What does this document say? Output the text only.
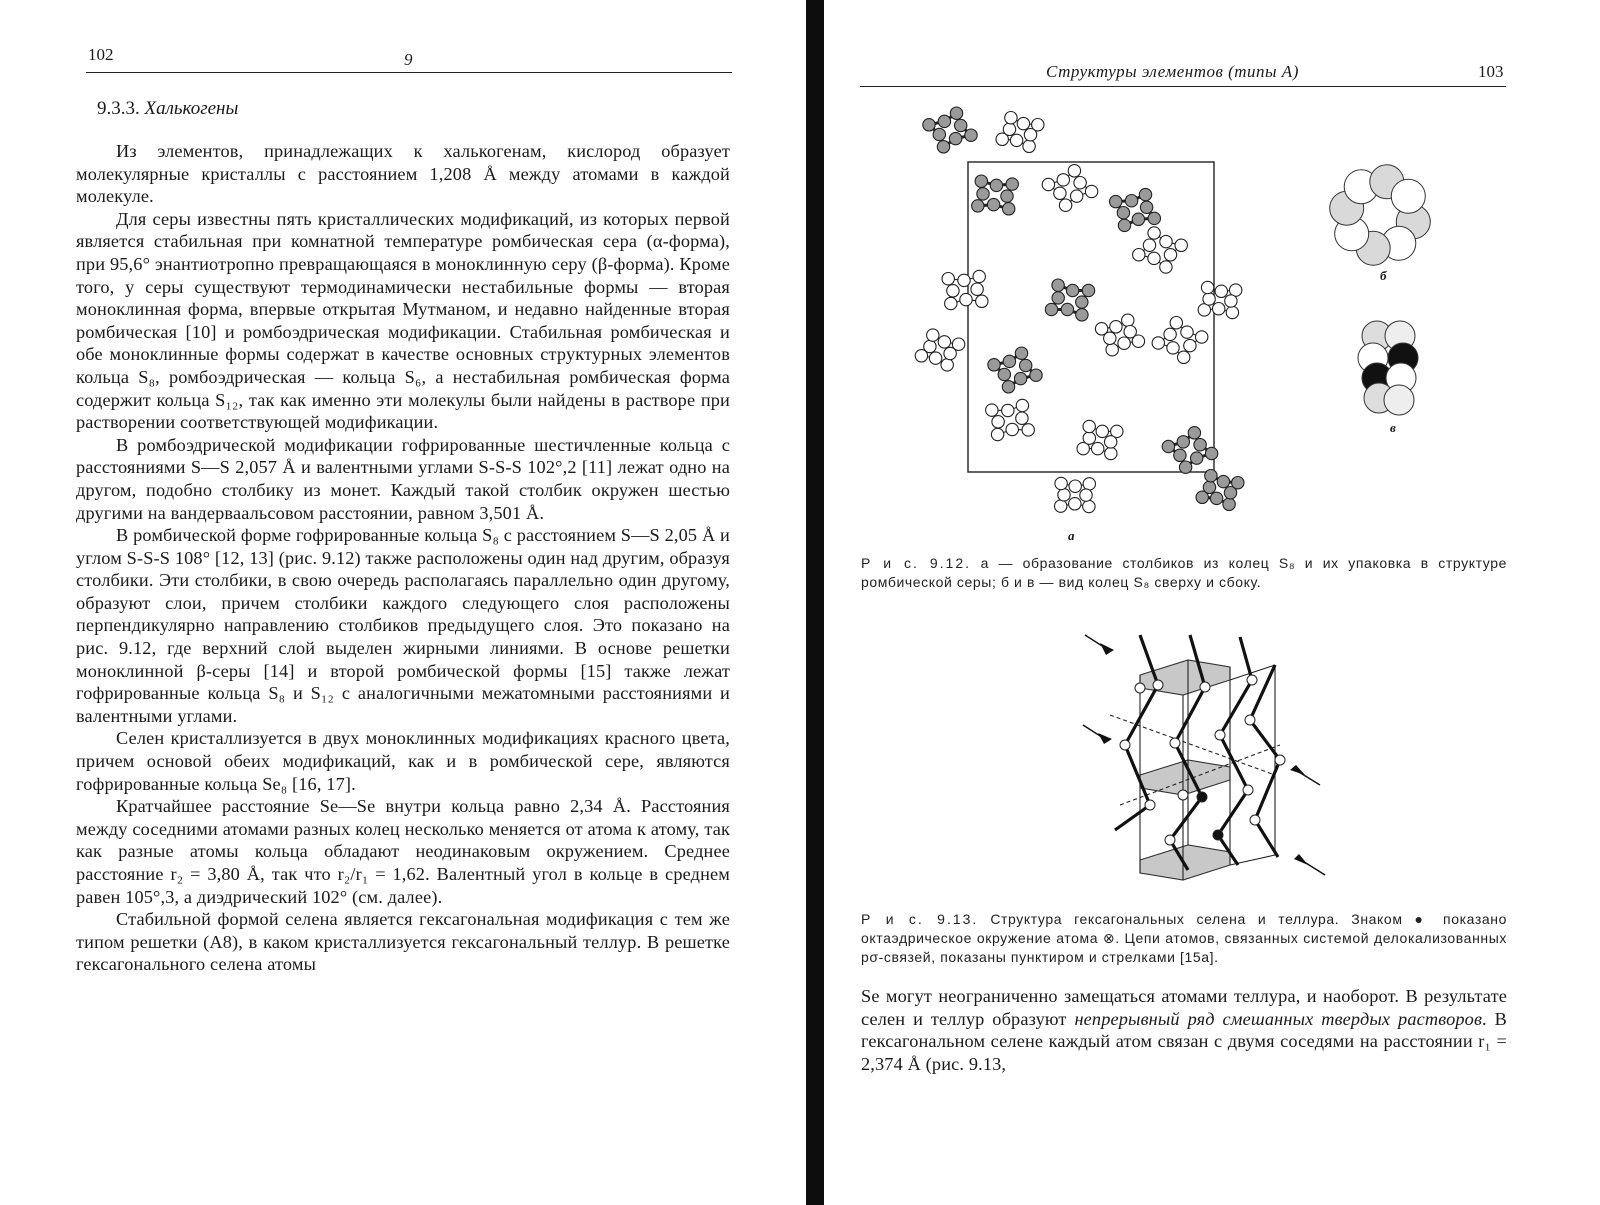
102	9
9.3.3. Халькогены

Из элементов, принадлежащих к халькогенам, кислород образует молекулярные кристаллы с расстоянием 1,208 Å между атомами в каждой молекуле.

Для серы известны пять кристаллических модификаций, из которых первой является стабильная при комнатной температуре ромбическая сера (α-форма), при 95,6° энантиотропно превращающаяся в моноклинную серу (β-форма). Кроме того, у серы существуют термодинамически нестабильные формы — вторая моноклинная форма, впервые открытая Мутманом, и недавно найденные вторая ромбическая [10] и ромбоэдрическая модификации. Стабильная ромбическая и обе моноклинные формы содержат в качестве основных структурных элементов кольца S₈, ромбоэдрическая — кольца S₆, а нестабильная ромбическая форма содержит кольца S₁₂, так как именно эти молекулы были найдены в растворе при растворении соответствующей модификации.

В ромбоэдрической модификации гофрированные шестичленные кольца с расстояниями S—S 2,057 Å и валентными углами S-S-S 102°,2 [11] лежат одно на другом, подобно столбику из монет. Каждый такой столбик окружен шестью другими на вандерваальсовом расстоянии, равном 3,501 Å.

В ромбической форме гофрированные кольца S₈ с расстоянием S—S 2,05 Å и углом S-S-S 108° [12, 13] (рис. 9.12) также расположены один над другим, образуя столбики. Эти столбики, в свою очередь располагаясь параллельно один другому, образуют слои, причем столбики каждого следующего слоя расположены перпендикулярно направлению столбиков предыдущего слоя. Это показано на рис. 9.12, где верхний слой выделен жирными линиями. В основе решетки моноклинной β-серы [14] и второй ромбической формы [15] также лежат гофрированные кольца S₈ и S₁₂ с аналогичными межатомными расстояниями и валентными углами.

Селен кристаллизуется в двух моноклинных модификациях красного цвета, причем основой обеих модификаций, как и в ромбической сере, являются гофрированные кольца Se₈ [16, 17].

Кратчайшее расстояние Se—Se внутри кольца равно 2,34 Å. Расстояния между соседними атомами разных колец несколько меняется от атома к атому, так как разные атомы кольца обладают неодинаковым окружением. Среднее расстояние r₂ = 3,80 Å, так что r₂/r₁ = 1,62. Валентный угол в кольце в среднем равен 105°,3, а диэдрический 102° (см. далее).

Стабильной формой селена является гексагональная модификация с тем же типом решетки (A8), в каком кристаллизуется гексагональный теллур. В решетке гексагонального селена атомы

Структуры элементов (типы А)	103
а
б
в
Р и с. 9.12. а — образование столбиков из колец S₈ и их упаковка в структуре ромбической серы; б и в — вид колец S₈ сверху и сбоку.
Р и с. 9.13. Структура гексагональных селена и теллура. Знаком ● показано октаэдрическое окружение атома ⊗. Цепи атомов, связанных системой делокализованных pσ-связей, показаны пунктиром и стрелками [15а].

Se могут неограниченно замещаться атомами теллура, и наоборот. В результате селен и теллур образуют непрерывный ряд смешанных твердых растворов. В гексагональном селене каждый атом связан с двумя соседями на расстоянии r₁ = 2,374 Å (рис. 9.13,
